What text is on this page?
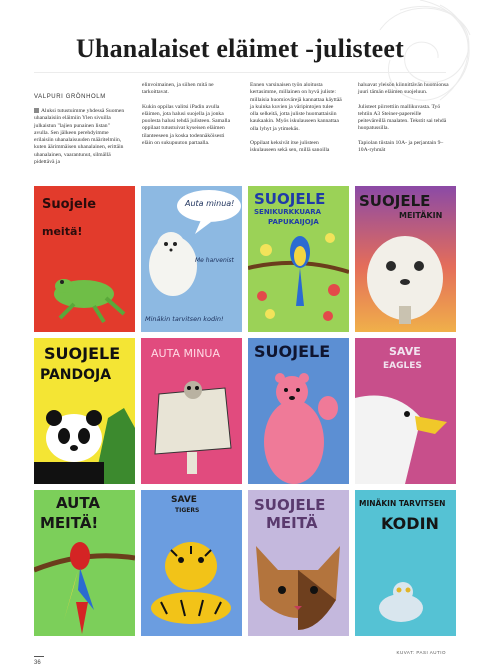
Uhanalaiset eläimet -julisteet
VALPURI GRÖNHOLM

Aluksi tutustuimme yhdessä Suomen uhanalaisiin eläimiin Ylen sivuilla julkaistun "lajien punainen listan" avulla. Sen jälkeen perehdyimme erilaisiin uhanalaisuuden määritelmiin, kuten äärimmäisen uhanalainen, erittäin uhanalainen, vaarantunut, silmällä pidettävä ja

elinvoimainen, ja siihen mitä ne tarkoittavat.

Kukin oppilas valitsi iPadin avulla eläimen, jota halusi suojella ja jonka puolesta halusi tehdä julisteen. Samalla oppilaat tutustuivat kyseisen eläimen tilanteeseen ja koska todennäköisesti eläin on sukupuuton partaalla.

Ennen varsinaisen työn aloitusta kertasimme, millainen on hyvä juliste: millaisia huomiovärejä kannattaa käyttää ja kuinka kuvien ja väripintojen tulee olla selkeitä, jotta juliste huomattaisiin kaukaakin. Myös iskulauseen kannattaa olla lyhyt ja ytimekäs.

Oppilaat keksivät itse julisteen iskulauseen sekä sen, millä sanoilla

haluavat yleisön kiinnittävän huomionsa juuri tämän eläimen suojeluun.

Julisteet piirrettiin mallikuvasta. Työ tehtiin A3 Steiner-papereille peiteväreillä maalaten. Tekstit sai tehdä huopatussilla.

Tapiolan tiistain 10A- ja perjantain 9–10A-ryhmät

Suojele
meitä!
Auta minua!
Me harvenist
Minäkin tarvitsen kodin!
SUOJELE
SENIKURKKUARA
PAPUKAIJOJA
SUOJELE
MEITÄKIN
SUOJELE
PANDOJA
AUTA MINUA SUOJELE	SAVE
EAGLES
AUTA
MEITÄ!
SAVE
TIGERS	SUOJELE
MEITÄ
MINÄKIN TARVITSEN
KODIN
KUVAT: PASI AUTIO
36
